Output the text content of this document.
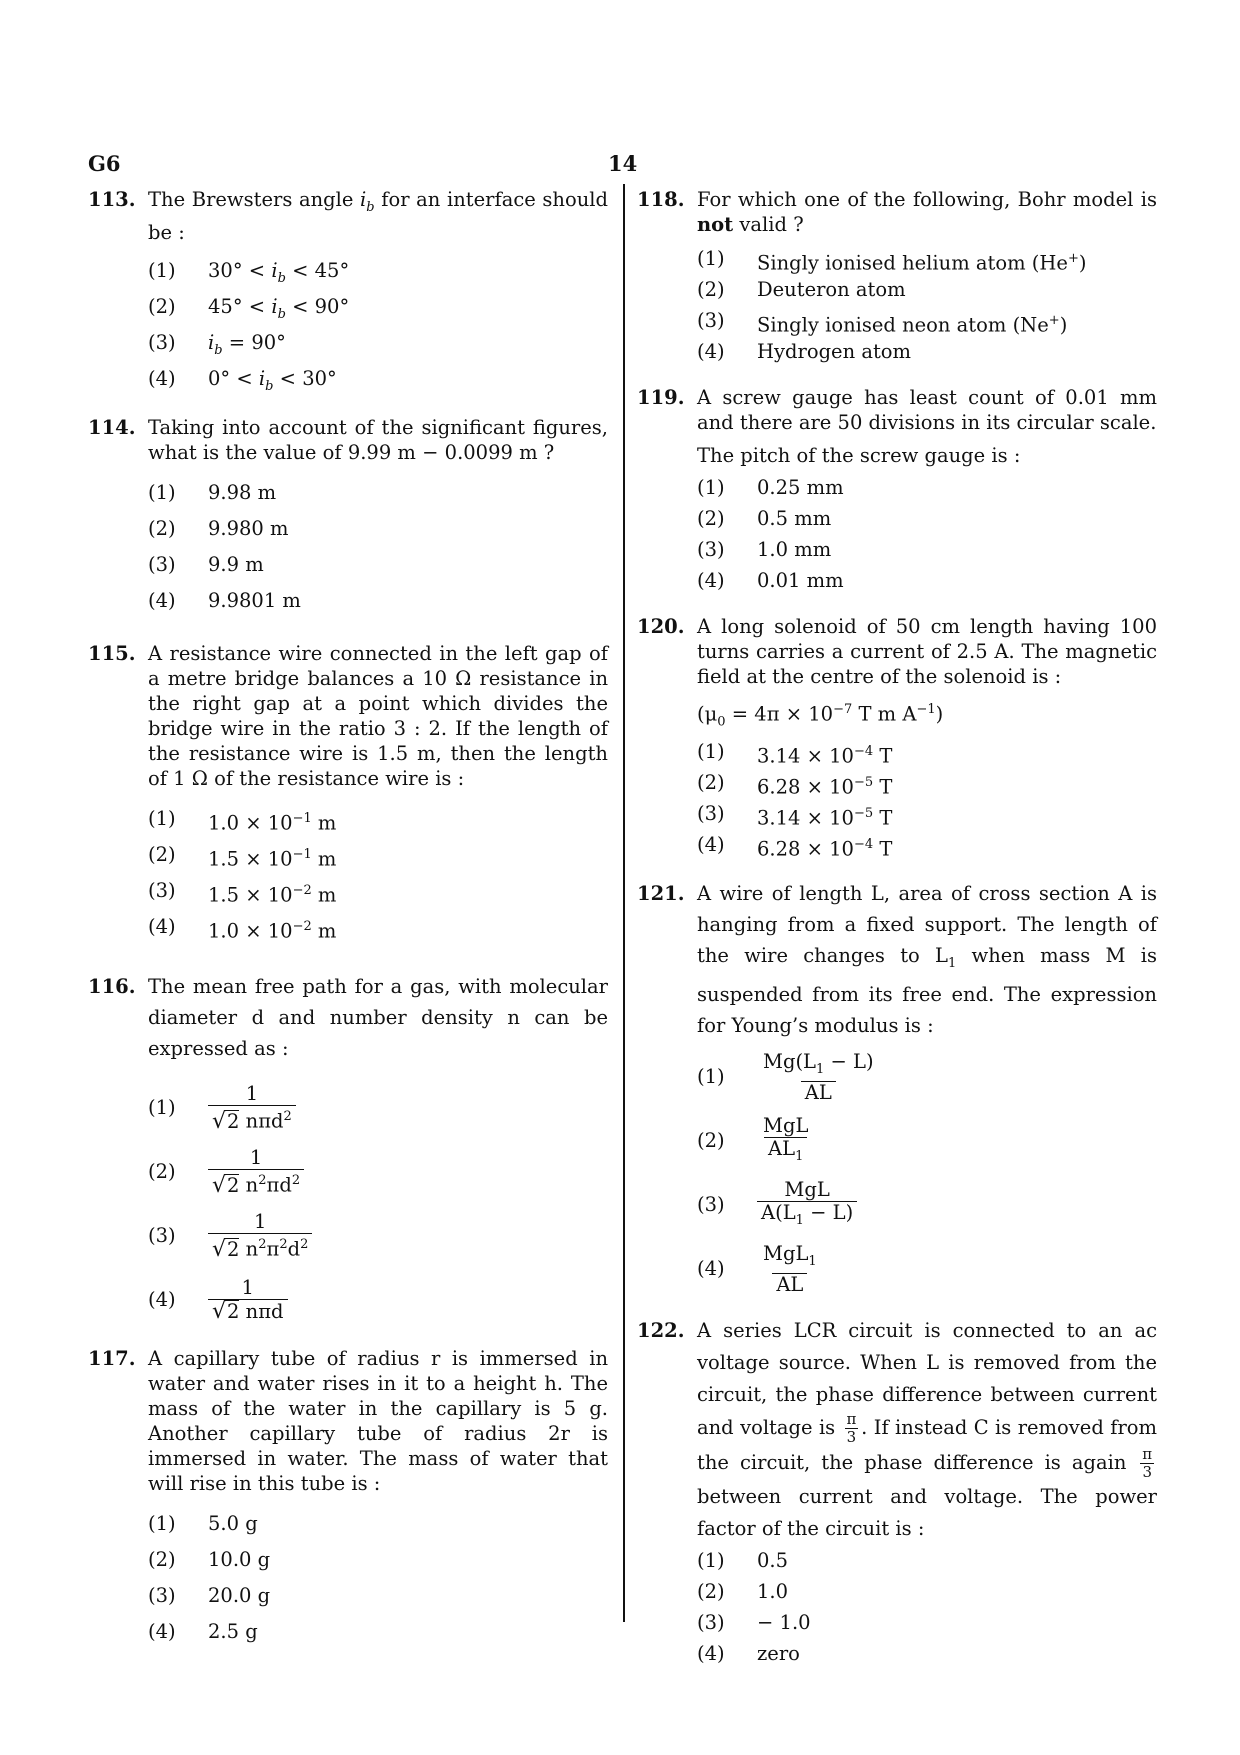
G6	14
113. The Brewsters angle $i_b$ for an interface should be :
(1) $30^\circ < i_b < 45^\circ$
(2) $45^\circ < i_b < 90^\circ$
(3) $i_b = 90^\circ$
(4) $0^\circ < i_b < 30^\circ$
114. Taking into account of the significant figures, what is the value of 9.99 m − 0.0099 m ?
(1) 9.98 m
(2) 9.980 m
(3) 9.9 m
(4) 9.9801 m
115. A resistance wire connected in the left gap of a metre bridge balances a 10 Ω resistance in the right gap at a point which divides the bridge wire in the ratio 3 : 2. If the length of the resistance wire is 1.5 m, then the length of 1 Ω of the resistance wire is :
(1) $1.0 \times 10^{-1}$ m
(2) $1.5 \times 10^{-1}$ m
(3) $1.5 \times 10^{-2}$ m
(4) $1.0 \times 10^{-2}$ m
116. The mean free path for a gas, with molecular diameter d and number density n can be expressed as :
(1)
1
√ 2 nπd$^2$
(2)
1
√ 2 $n^2\pi d^2$
(3)
1
√ 2 $n^2\pi^2d^2$
(4)
1
√ 2 nπd
117. A capillary tube of radius r is immersed in water and water rises in it to a height h. The mass of the water in the capillary is 5 g. Another capillary tube of radius 2r is immersed in water. The mass of water that will rise in this tube is :
(1) 5.0 g
(2) 10.0 g
(3) 20.0 g
(4) 2.5 g
118. For which one of the following, Bohr model is not valid ?
(1) Singly ionised helium atom (He+)
(2) Deuteron atom
(3) Singly ionised neon atom (Ne+)
(4) Hydrogen atom
119. A screw gauge has least count of 0.01 mm and there are 50 divisions in its circular scale.
The pitch of the screw gauge is :
(1) 0.25 mm
(2) 0.5 mm
(3) 1.0 mm
(4) 0.01 mm
120. A long solenoid of 50 cm length having 100 turns carries a current of 2.5 A. The magnetic field at the centre of the solenoid is :
($\mu_0 = 4\pi \times 10^{-7}$ T m $A^{-1}$)
(1) $3.14 \times 10^{-4}$ T
(2) $6.28 \times 10^{-5}$ T
(3) $3.14 \times 10^{-5}$ T
(4) $6.28 \times 10^{-4}$ T
121. A wire of length L, area of cross section A is hanging from a fixed support. The length of the wire changes to $L_1$ when mass M is suspended from its free end. The expression for Young’s modulus is :
(1)
$Mg(L_1 - L)$
AL
(2)
MgL
$AL_1$
(3)
MgL
$A(L_1 - L)$
(4)
MgL$_1$
AL
122. A series LCR circuit is connected to an ac voltage source. When L is removed from the circuit, the phase difference between current and voltage is $\frac{\pi}{3}$ . If instead C is removed from the circuit, the phase difference is again $\frac{\pi}{3}$
between current and voltage. The power factor of the circuit is :
(1) 0.5
(2) 1.0
(3) − 1.0
(4) zero
